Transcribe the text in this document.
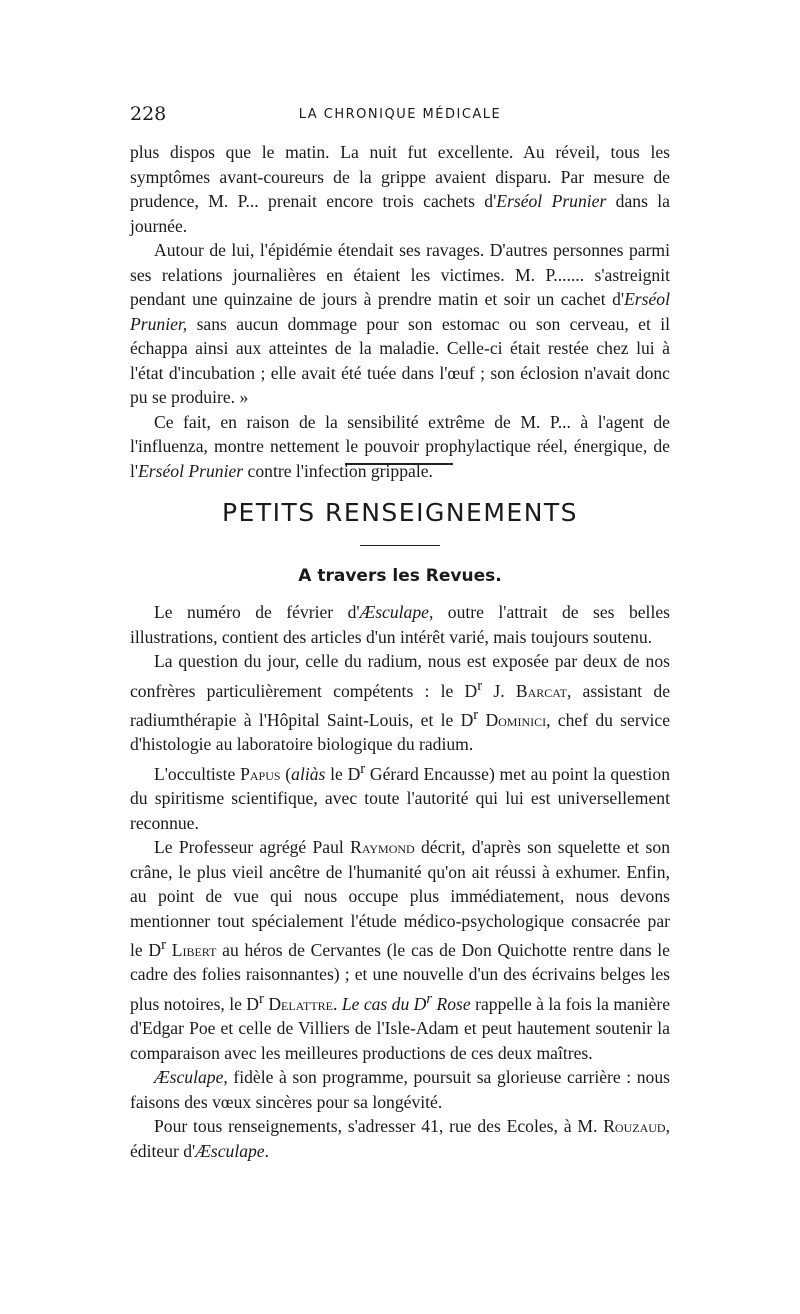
228	LA CHRONIQUE MÉDICALE

plus dispos que le matin. La nuit fut excellente. Au réveil, tous les symptômes avant-coureurs de la grippe avaient disparu. Par mesure de prudence, M. P... prenait encore trois cachets d'Erséol Prunier dans la journée.

Autour de lui, l'épidémie étendait ses ravages. D'autres personnes parmi ses relations journalières en étaient les victimes. M. P....... s'astreignit pendant une quinzaine de jours à prendre matin et soir un cachet d'Erséol Prunier, sans aucun dommage pour son estomac ou son cerveau, et il échappa ainsi aux atteintes de la maladie. Celle-ci était restée chez lui à l'état d'incubation ; elle avait été tuée dans l'œuf ; son éclosion n'avait donc pu se produire. »

Ce fait, en raison de la sensibilité extrême de M. P... à l'agent de l'influenza, montre nettement le pouvoir prophylactique réel, énergique, de l'Erséol Prunier contre l'infection grippale.

PETITS RENSEIGNEMENTS
A travers les Revues.

Le numéro de février d'Æsculape, outre l'attrait de ses belles illustrations, contient des articles d'un intérêt varié, mais toujours soutenu.

La question du jour, celle du radium, nous est exposée par deux de nos confrères particulièrement compétents : le $D^r$ J. Barcat, assistant de radiumthérapie à l'Hôpital Saint-Louis, et le $D^r$ Dominici, chef du service d'histologie au laboratoire biologique du radium.

L'occultiste Papus (aliàs le $D^r$ Gérard Encausse) met au point la question du spiritisme scientifique, avec toute l'autorité qui lui est universellement reconnue.

Le Professeur agrégé Paul Raymond décrit, d'après son squelette et son crâne, le plus vieil ancêtre de l'humanité qu'on ait réussi à exhumer. Enfin, au point de vue qui nous occupe plus immédiatement, nous devons mentionner tout spécialement l'étude médico-psychologique consacrée par le $D^r$ Libert au héros de Cervantes (le cas de Don Quichotte rentre dans le cadre des folies raisonnantes) ; et une nouvelle d'un des écrivains belges les plus notoires, le $D^r$ Delattre. Le cas du $D^r$ Rose rappelle à la fois la manière d'Edgar Poe et celle de Villiers de l'Isle-Adam et peut hautement soutenir la comparaison avec les meilleures productions de ces deux maîtres.

Æsculape, fidèle à son programme, poursuit sa glorieuse carrière : nous faisons des vœux sincères pour sa longévité.

Pour tous renseignements, s'adresser 41, rue des Ecoles, à M. Rouzaud, éditeur d'Æsculape.
